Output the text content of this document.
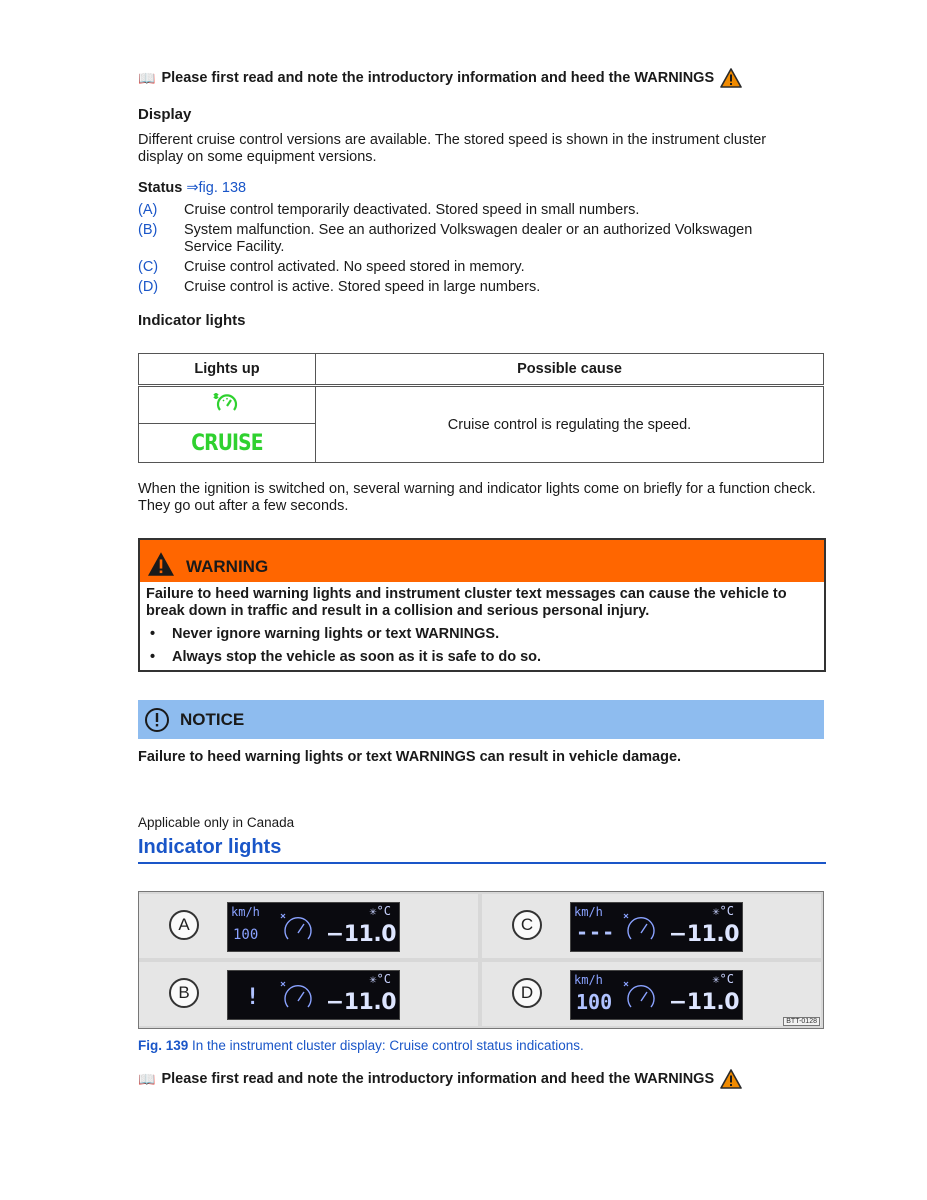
📖 Please first read and note the introductory information and heed the WARNINGS
Display

Different cruise control versions are available. The stored speed is shown in the instrument cluster display on some equipment versions.

Status ⇒fig. 138
(A)	Cruise control temporarily deactivated. Stored speed in small numbers.
(B)	System malfunction. See an authorized Volkswagen dealer or an authorized Volkswagen Service Facility.
(C)	Cruise control activated. No speed stored in memory.
(D)	Cruise control is active. Stored speed in large numbers.
Indicator lights
Lights up	Possible cause
	Cruise control is regulating the speed.
CRUISE	

When the ignition is switched on, several warning and indicator lights come on briefly for a function check. They go out after a few seconds.

WARNING
Failure to heed warning lights and instrument cluster text messages can cause the vehicle to break down in traffic and result in a collision and serious personal injury.
•	Never ignore warning lights or text WARNINGS.
•	Always stop the vehicle as soon as it is safe to do so.
NOTICE

Failure to heed warning lights or text WARNINGS can result in vehicle damage.

Applicable only in Canada
Indicator lights
A
km/h
100
✳°C
−11.0	C
km/h
---
✳°C
−11.0
B	!
✳°C
−11.0	D
km/h
100
✳°C
−11.0
BTT-0128
Fig. 139 In the instrument cluster display: Cruise control status indications.
📖 Please first read and note the introductory information and heed the WARNINGS
